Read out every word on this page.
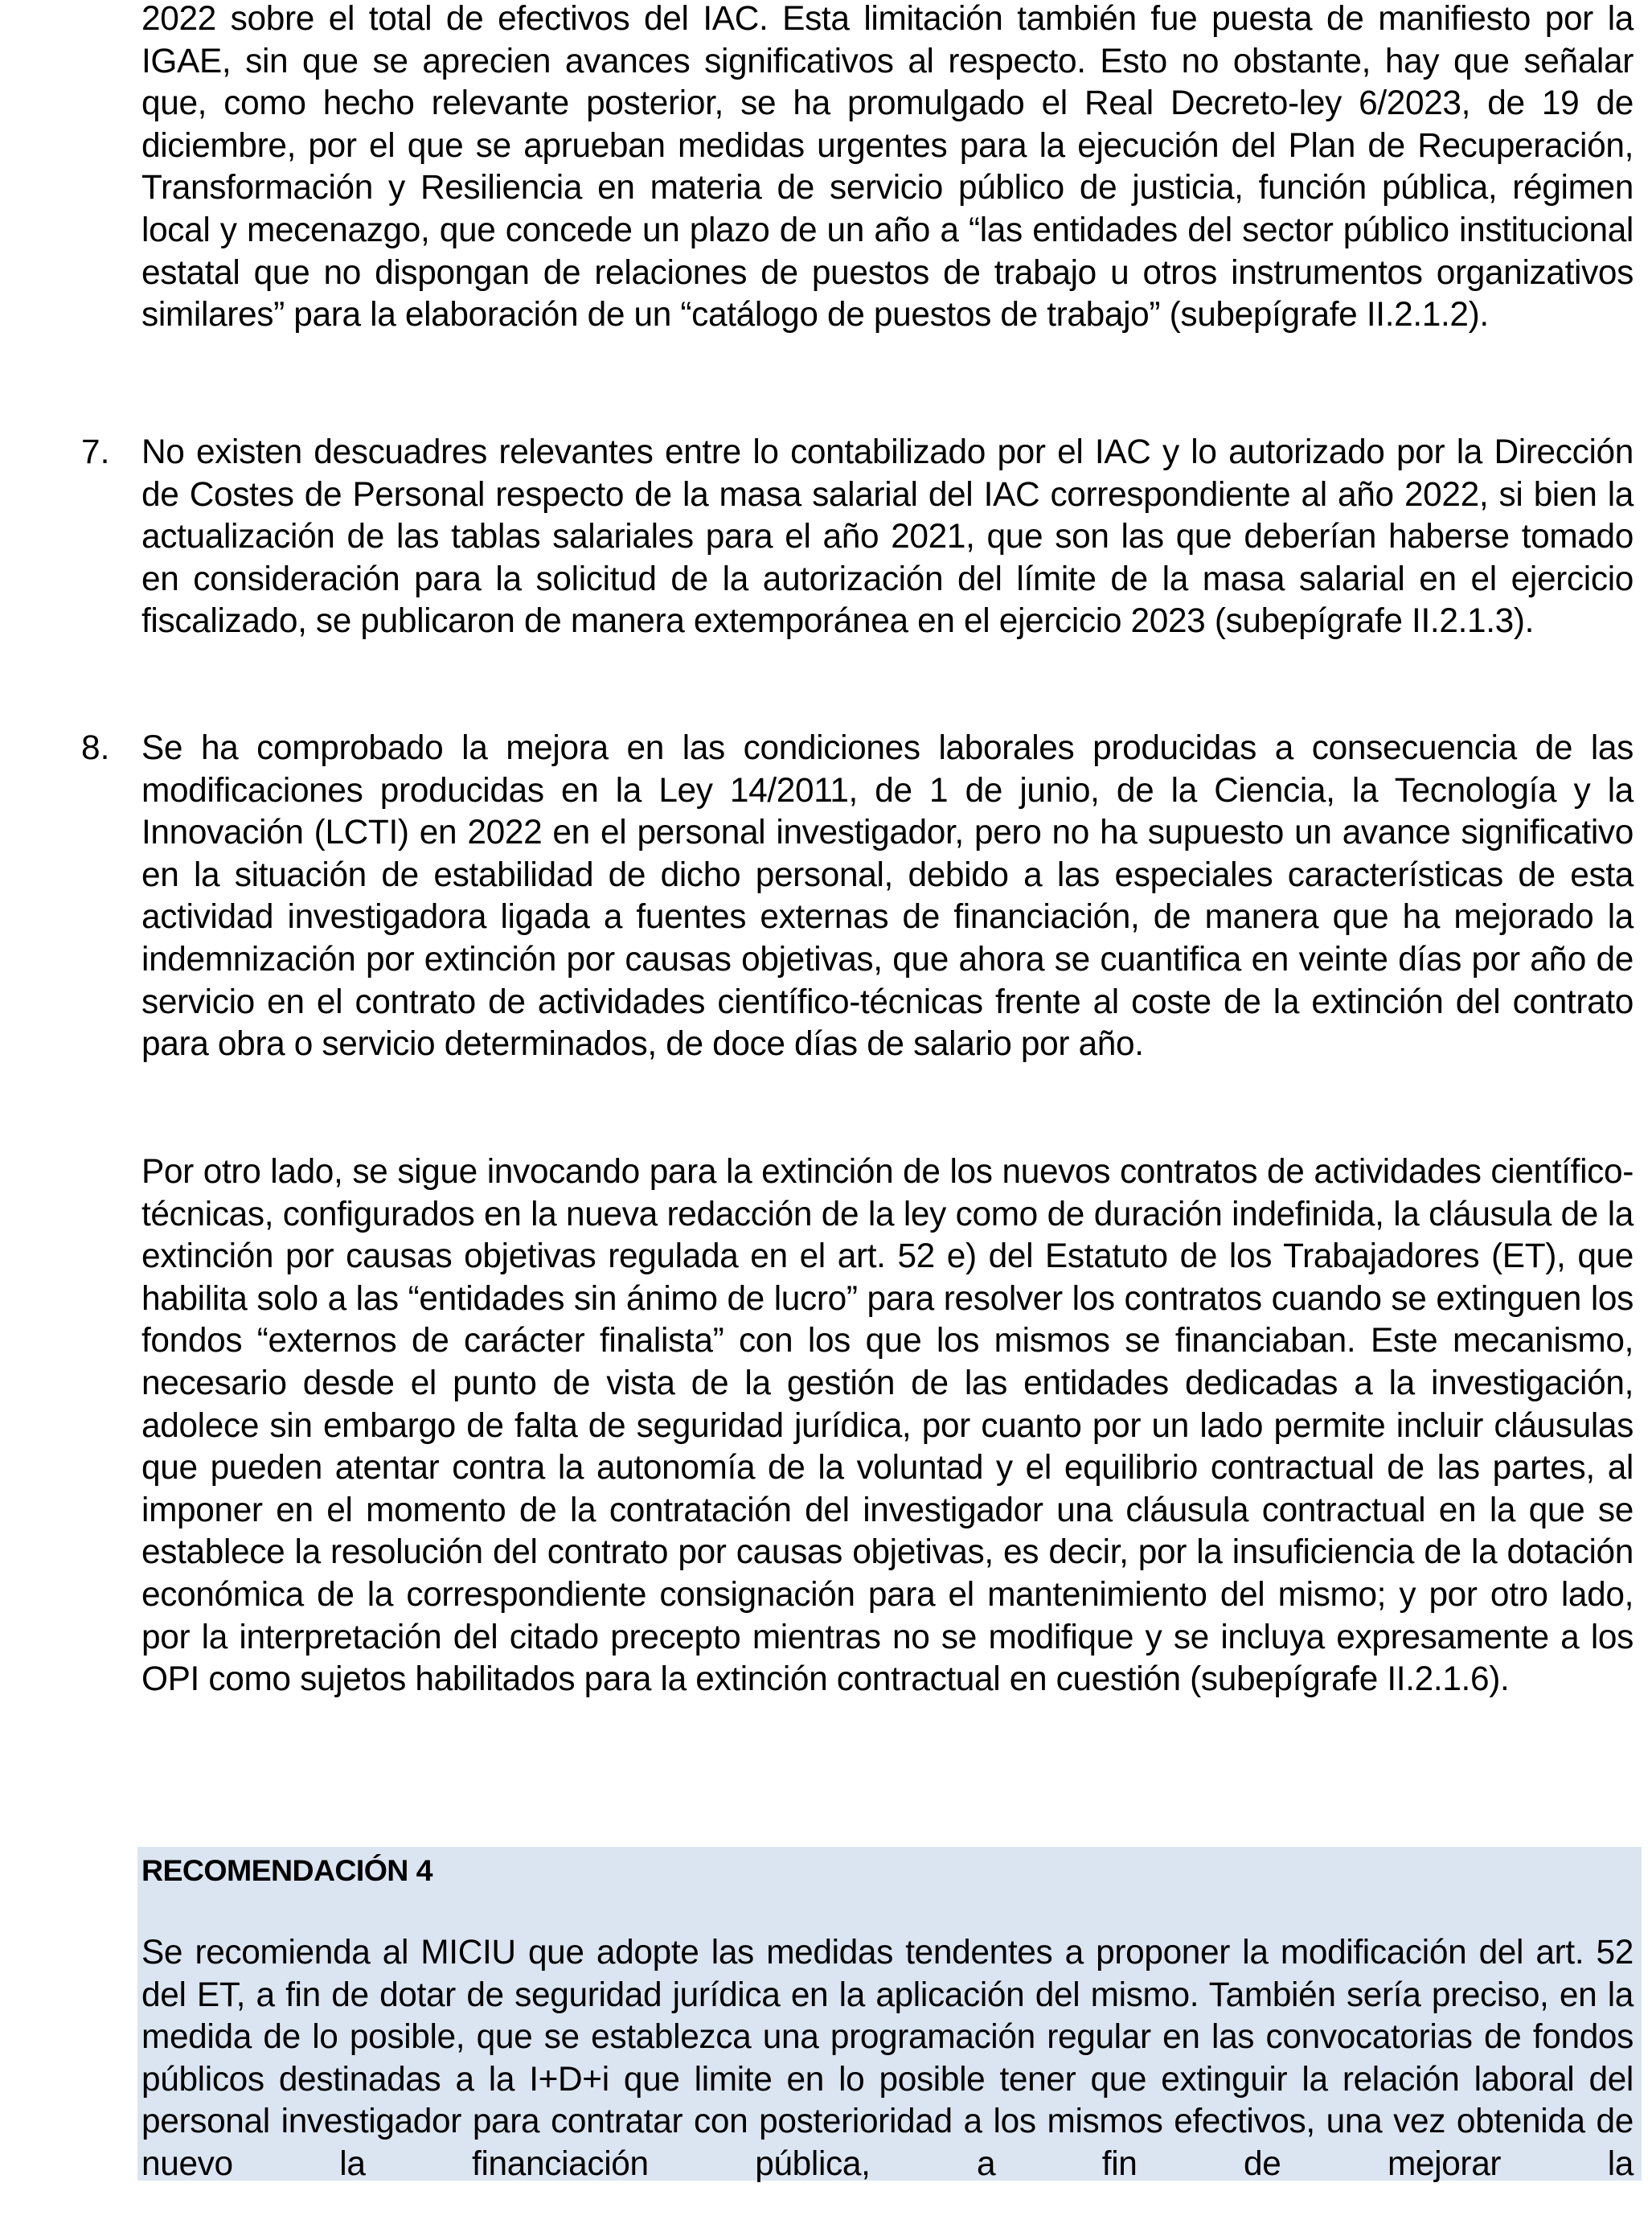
2022 sobre el total de efectivos del IAC. Esta limitación también fue puesta de manifiesto por la IGAE, sin que se aprecien avances significativos al respecto. Esto no obstante, hay que señalar que, como hecho relevante posterior, se ha promulgado el Real Decreto-ley 6/2023, de 19 de diciembre, por el que se aprueban medidas urgentes para la ejecución del Plan de Recuperación, Transformación y Resiliencia en materia de servicio público de justicia, función pública, régimen local y mecenazgo, que concede un plazo de un año a “las entidades del sector público institucional estatal que no dispongan de relaciones de puestos de trabajo u otros instrumentos organizativos similares” para la elaboración de un “catálogo de puestos de trabajo” (subepígrafe II.2.1.2).

7. No existen descuadres relevantes entre lo contabilizado por el IAC y lo autorizado por la Dirección de Costes de Personal respecto de la masa salarial del IAC correspondiente al año 2022, si bien la actualización de las tablas salariales para el año 2021, que son las que deberían haberse tomado en consideración para la solicitud de la autorización del límite de la masa salarial en el ejercicio fiscalizado, se publicaron de manera extemporánea en el ejercicio 2023 (subepígrafe II.2.1.3).

8. Se ha comprobado la mejora en las condiciones laborales producidas a consecuencia de las modificaciones producidas en la Ley 14/2011, de 1 de junio, de la Ciencia, la Tecnología y la Innovación (LCTI) en 2022 en el personal investigador, pero no ha supuesto un avance significativo en la situación de estabilidad de dicho personal, debido a las especiales características de esta actividad investigadora ligada a fuentes externas de financiación, de manera que ha mejorado la indemnización por extinción por causas objetivas, que ahora se cuantifica en veinte días por año de servicio en el contrato de actividades científico-técnicas frente al coste de la extinción del contrato para obra o servicio determinados, de doce días de salario por año.

Por otro lado, se sigue invocando para la extinción de los nuevos contratos de actividades científico-técnicas, configurados en la nueva redacción de la ley como de duración indefinida, la cláusula de la extinción por causas objetivas regulada en el art. 52 e) del Estatuto de los Trabajadores (ET), que habilita solo a las “entidades sin ánimo de lucro” para resolver los contratos cuando se extinguen los fondos “externos de carácter finalista” con los que los mismos se financiaban. Este mecanismo, necesario desde el punto de vista de la gestión de las entidades dedicadas a la investigación, adolece sin embargo de falta de seguridad jurídica, por cuanto por un lado permite incluir cláusulas que pueden atentar contra la autonomía de la voluntad y el equilibrio contractual de las partes, al imponer en el momento de la contratación del investigador una cláusula contractual en la que se establece la resolución del contrato por causas objetivas, es decir, por la insuficiencia de la dotación económica de la correspondiente consignación para el mantenimiento del mismo; y por otro lado, por la interpretación del citado precepto mientras no se modifique y se incluya expresamente a los OPI como sujetos habilitados para la extinción contractual en cuestión (subepígrafe II.2.1.6).

RECOMENDACIÓN 4

Se recomienda al MICIU que adopte las medidas tendentes a proponer la modificación del art. 52 del ET, a fin de dotar de seguridad jurídica en la aplicación del mismo. También sería preciso, en la medida de lo posible, que se establezca una programación regular en las convocatorias de fondos públicos destinadas a la I+D+i que limite en lo posible tener que extinguir la relación laboral del personal investigador para contratar con posterioridad a los mismos efectivos, una vez obtenida de nuevo la financiación pública, a fin de mejorar la
